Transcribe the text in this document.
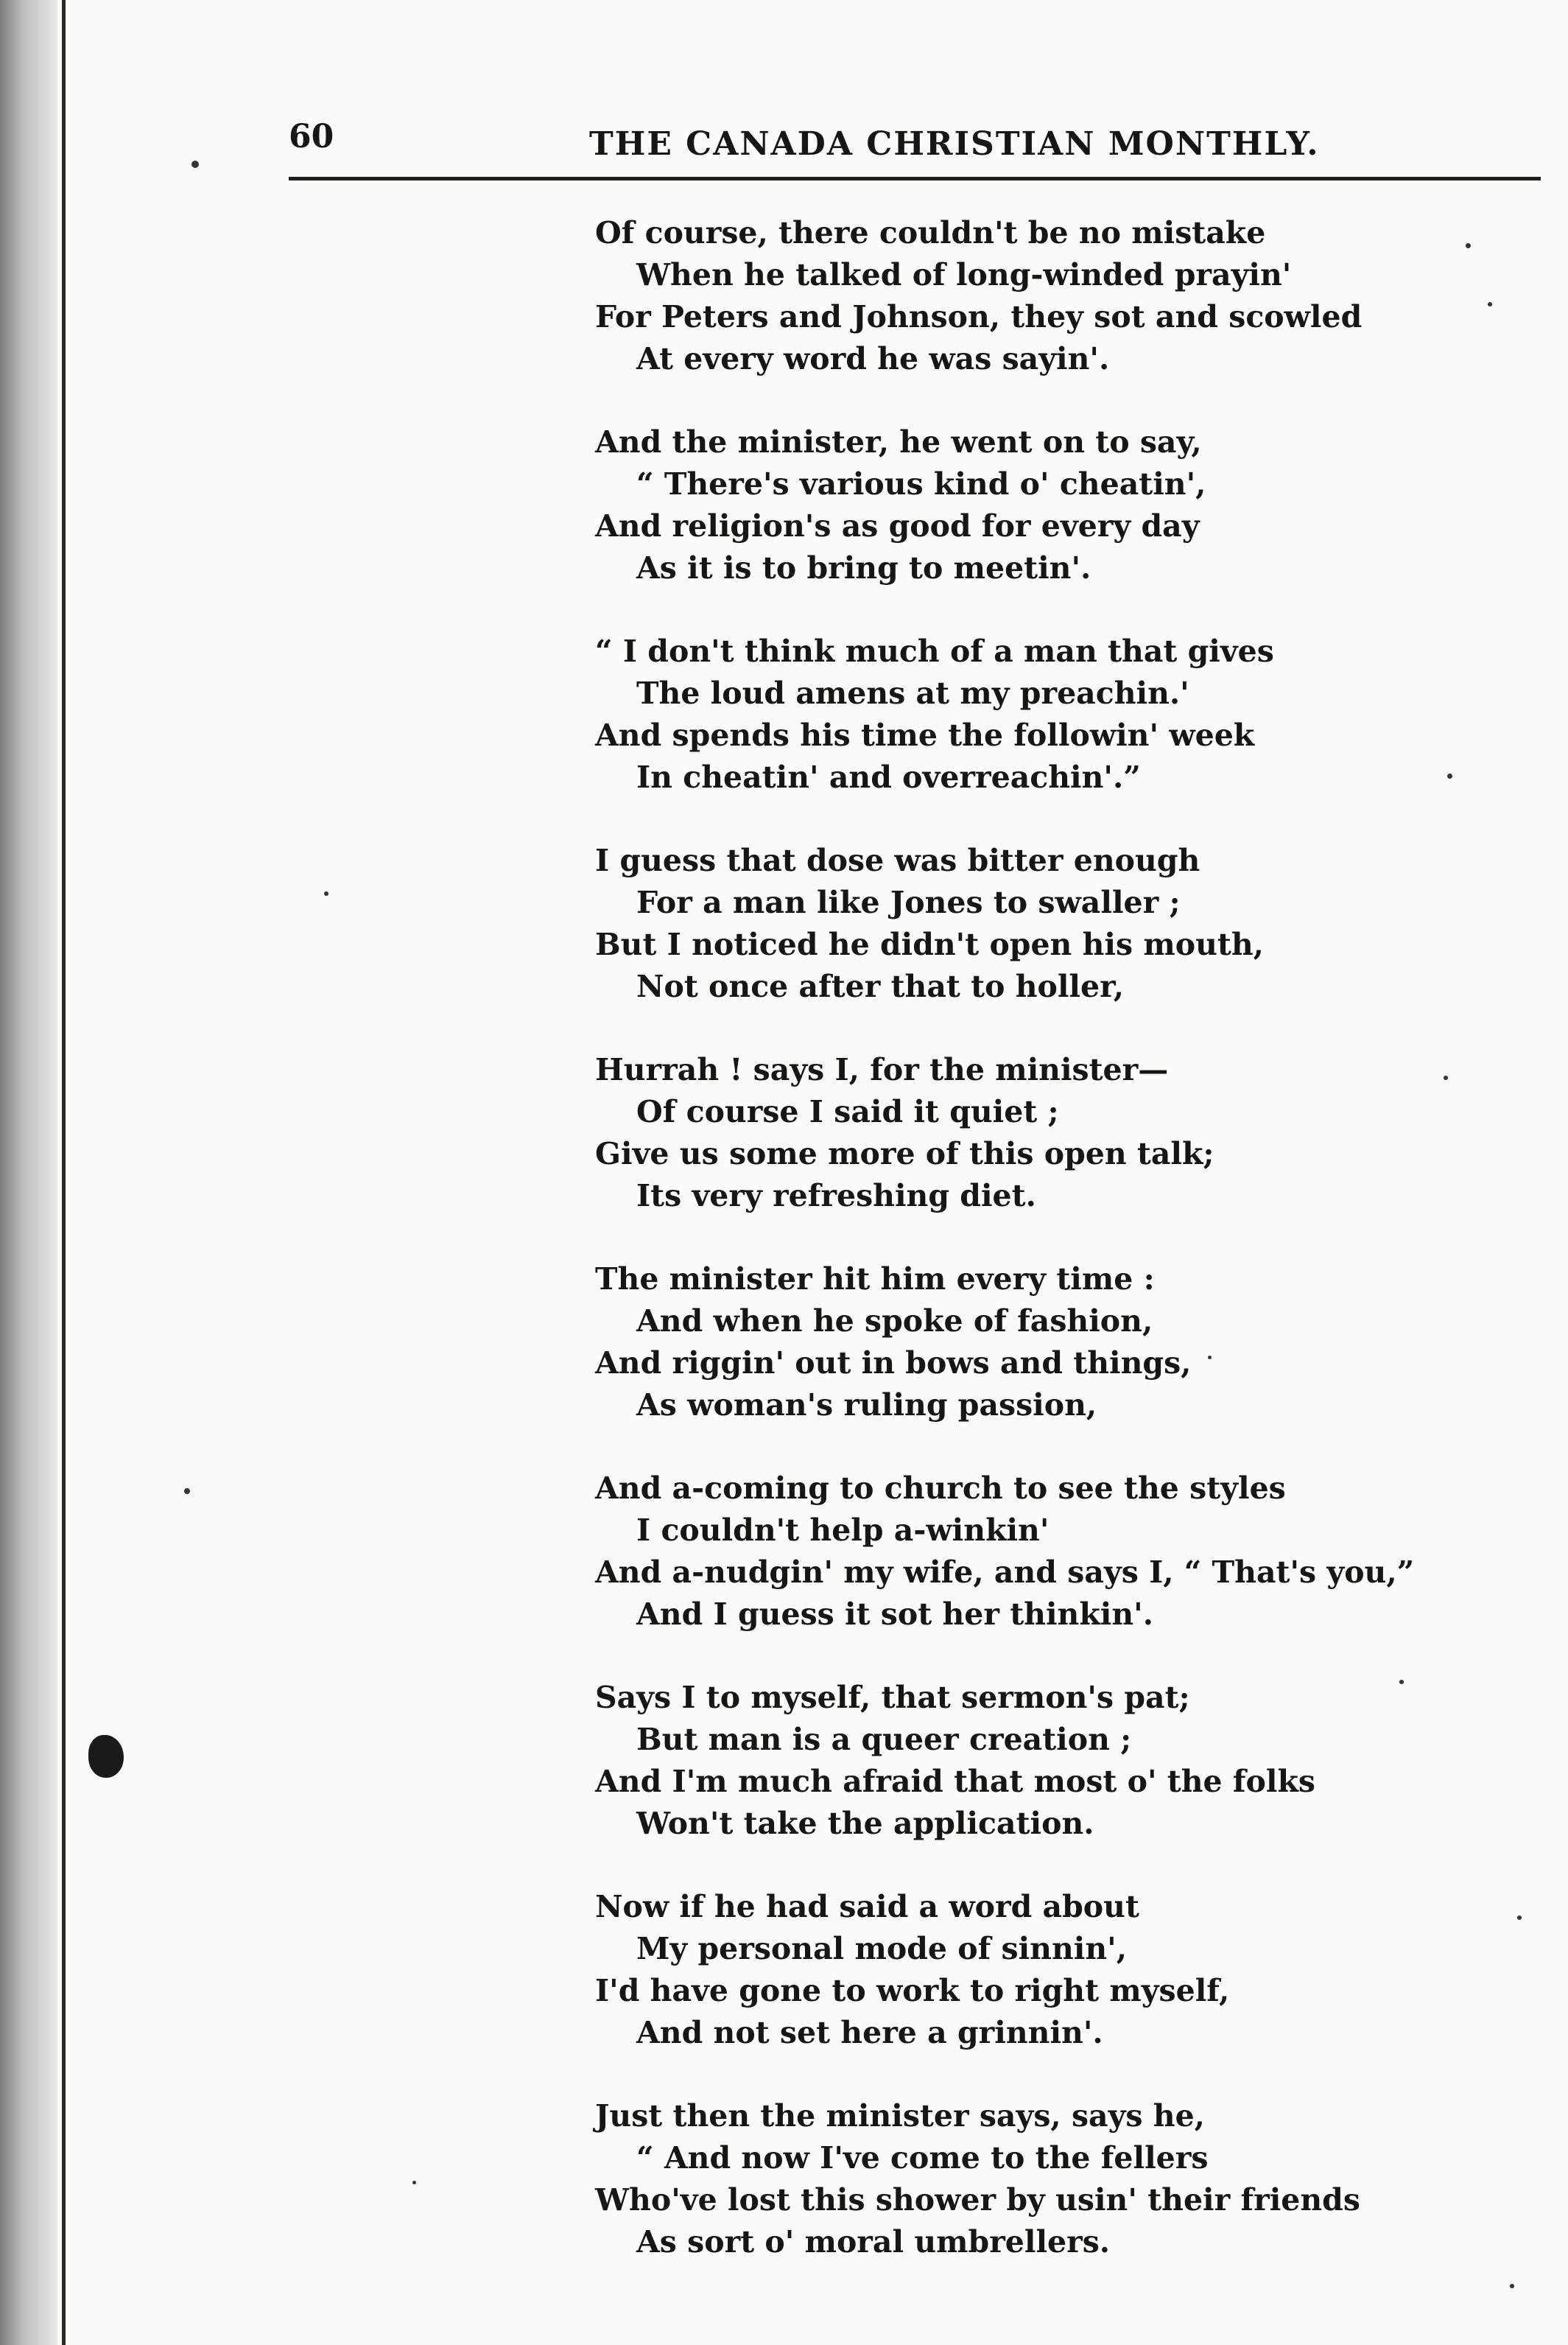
60	THE CANADA CHRISTIAN MONTHLY.
Of course, there couldn't be no mistake
When he talked of long-winded prayin'
For Peters and Johnson, they sot and scowled
At every word he was sayin'.
And the minister, he went on to say,
“ There's various kind o' cheatin',
And religion's as good for every day
As it is to bring to meetin'.
“ I don't think much of a man that gives
The loud amens at my preachin.'
And spends his time the followin' week
In cheatin' and overreachin'.”
I guess that dose was bitter enough
For a man like Jones to swaller ;
But I noticed he didn't open his mouth,
Not once after that to holler,
Hurrah ! says I, for the minister—
Of course I said it quiet ;
Give us some more of this open talk;
Its very refreshing diet.
The minister hit him every time :
And when he spoke of fashion,
And riggin' out in bows and things,
As woman's ruling passion,
And a-coming to church to see the styles
I couldn't help a-winkin'
And a-nudgin' my wife, and says I, “ That's you,”
And I guess it sot her thinkin'.
Says I to myself, that sermon's pat;
But man is a queer creation ;
And I'm much afraid that most o' the folks
Won't take the application.
Now if he had said a word about
My personal mode of sinnin',
I'd have gone to work to right myself,
And not set here a grinnin'.
Just then the minister says, says he,
“ And now I've come to the fellers
Who've lost this shower by usin' their friends
As sort o' moral umbrellers.
